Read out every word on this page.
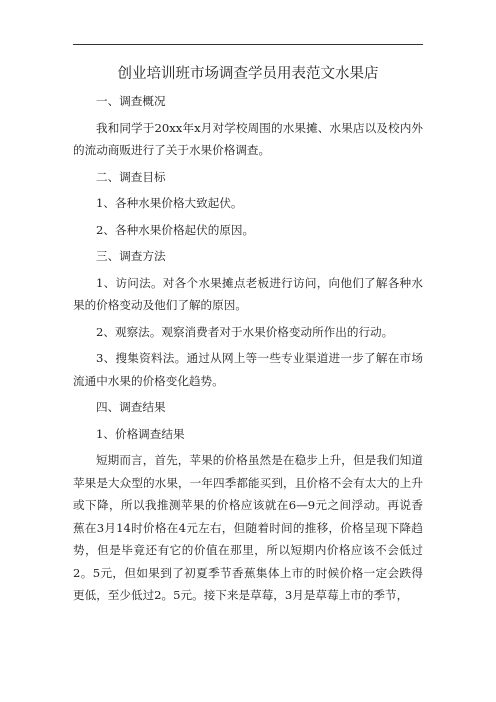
创业培训班市场调查学员用表范文水果店

一、调查概况

我和同学于20xx年x月对学校周围的水果摊、水果店以及校内外的流动商贩进行了关于水果价格调查。

二、调查目标

1、各种水果价格大致起伏。

2、各种水果价格起伏的原因。

三、调查方法

1、访问法。对各个水果摊点老板进行访问，向他们了解各种水果的价格变动及他们了解的原因。

2、观察法。观察消费者对于水果价格变动所作出的行动。

3、搜集资料法。通过从网上等一些专业渠道进一步了解在市场流通中水果的价格变化趋势。

四、调查结果

1、价格调查结果

短期而言，首先，苹果的价格虽然是在稳步上升，但是我们知道苹果是大众型的水果，一年四季都能买到，且价格不会有太大的上升或下降，所以我推测苹果的价格应该就在6—9元之间浮动。再说香蕉在3月14时价格在4元左右，但随着时间的推移，价格呈现下降趋势，但是毕竟还有它的价值在那里，所以短期内价格应该不会低过2。5元，但如果到了初夏季节香蕉集体上市的时候价格一定会跌得更低，至少低过2。5元。接下来是草莓，3月是草莓上市的季节，
